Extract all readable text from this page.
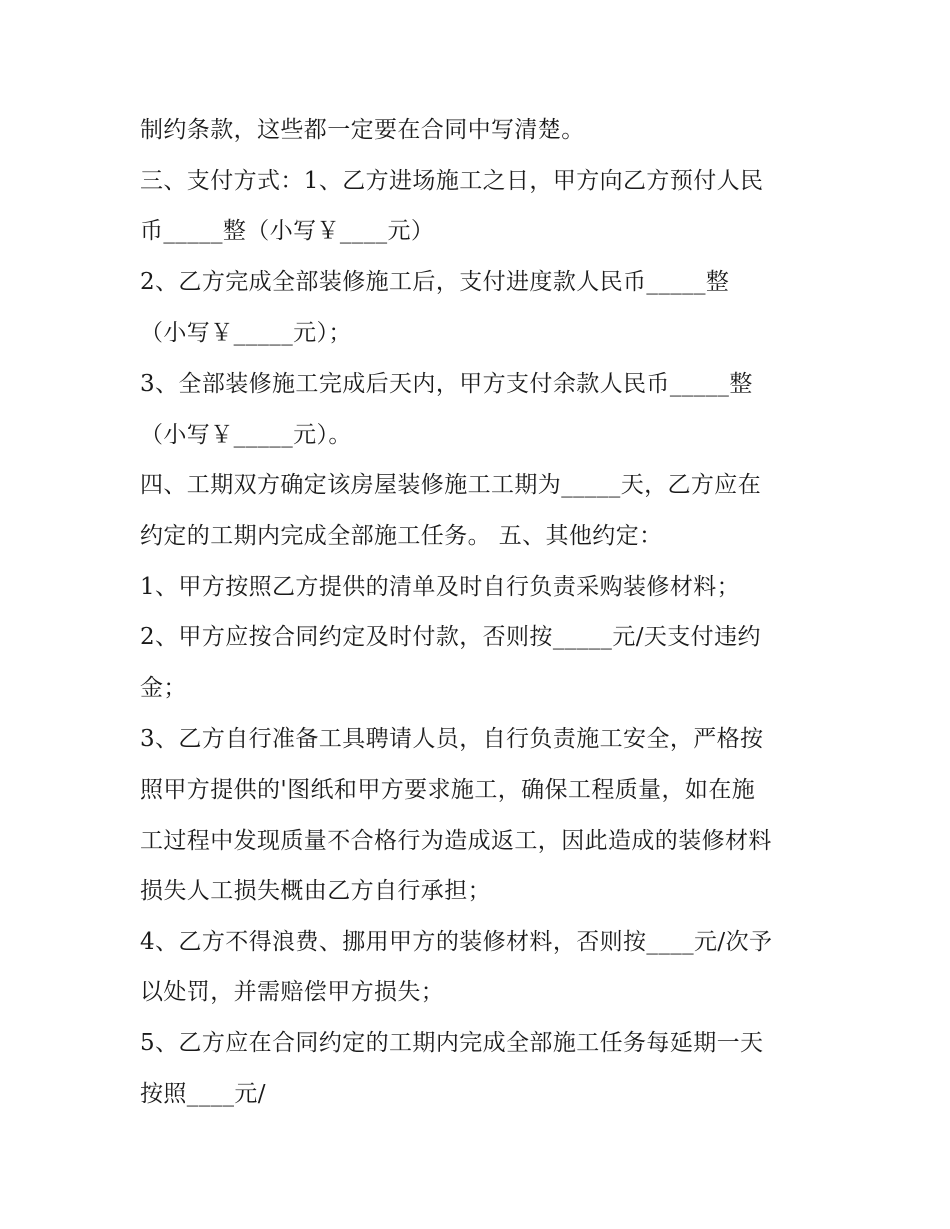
制约条款，这些都一定要在合同中写清楚。

三、支付方式：1、乙方进场施工之日，甲方向乙方预付人民

币_____整（小写￥____元）

2、乙方完成全部装修施工后，支付进度款人民币_____整

（小写￥_____元）；

3、全部装修施工完成后天内，甲方支付余款人民币_____整

（小写￥_____元）。

四、工期双方确定该房屋装修施工工期为_____天，乙方应在

约定的工期内完成全部施工任务。 五、其他约定：

1、甲方按照乙方提供的清单及时自行负责采购装修材料；

2、甲方应按合同约定及时付款，否则按_____元/天支付违约

金；

3、乙方自行准备工具聘请人员，自行负责施工安全，严格按

照甲方提供的'图纸和甲方要求施工，确保工程质量，如在施

工过程中发现质量不合格行为造成返工，因此造成的装修材料

损失人工损失概由乙方自行承担；

4、乙方不得浪费、挪用甲方的装修材料，否则按____元/次予

以处罚，并需赔偿甲方损失；

5、乙方应在合同约定的工期内完成全部施工任务每延期一天

按照____元/
